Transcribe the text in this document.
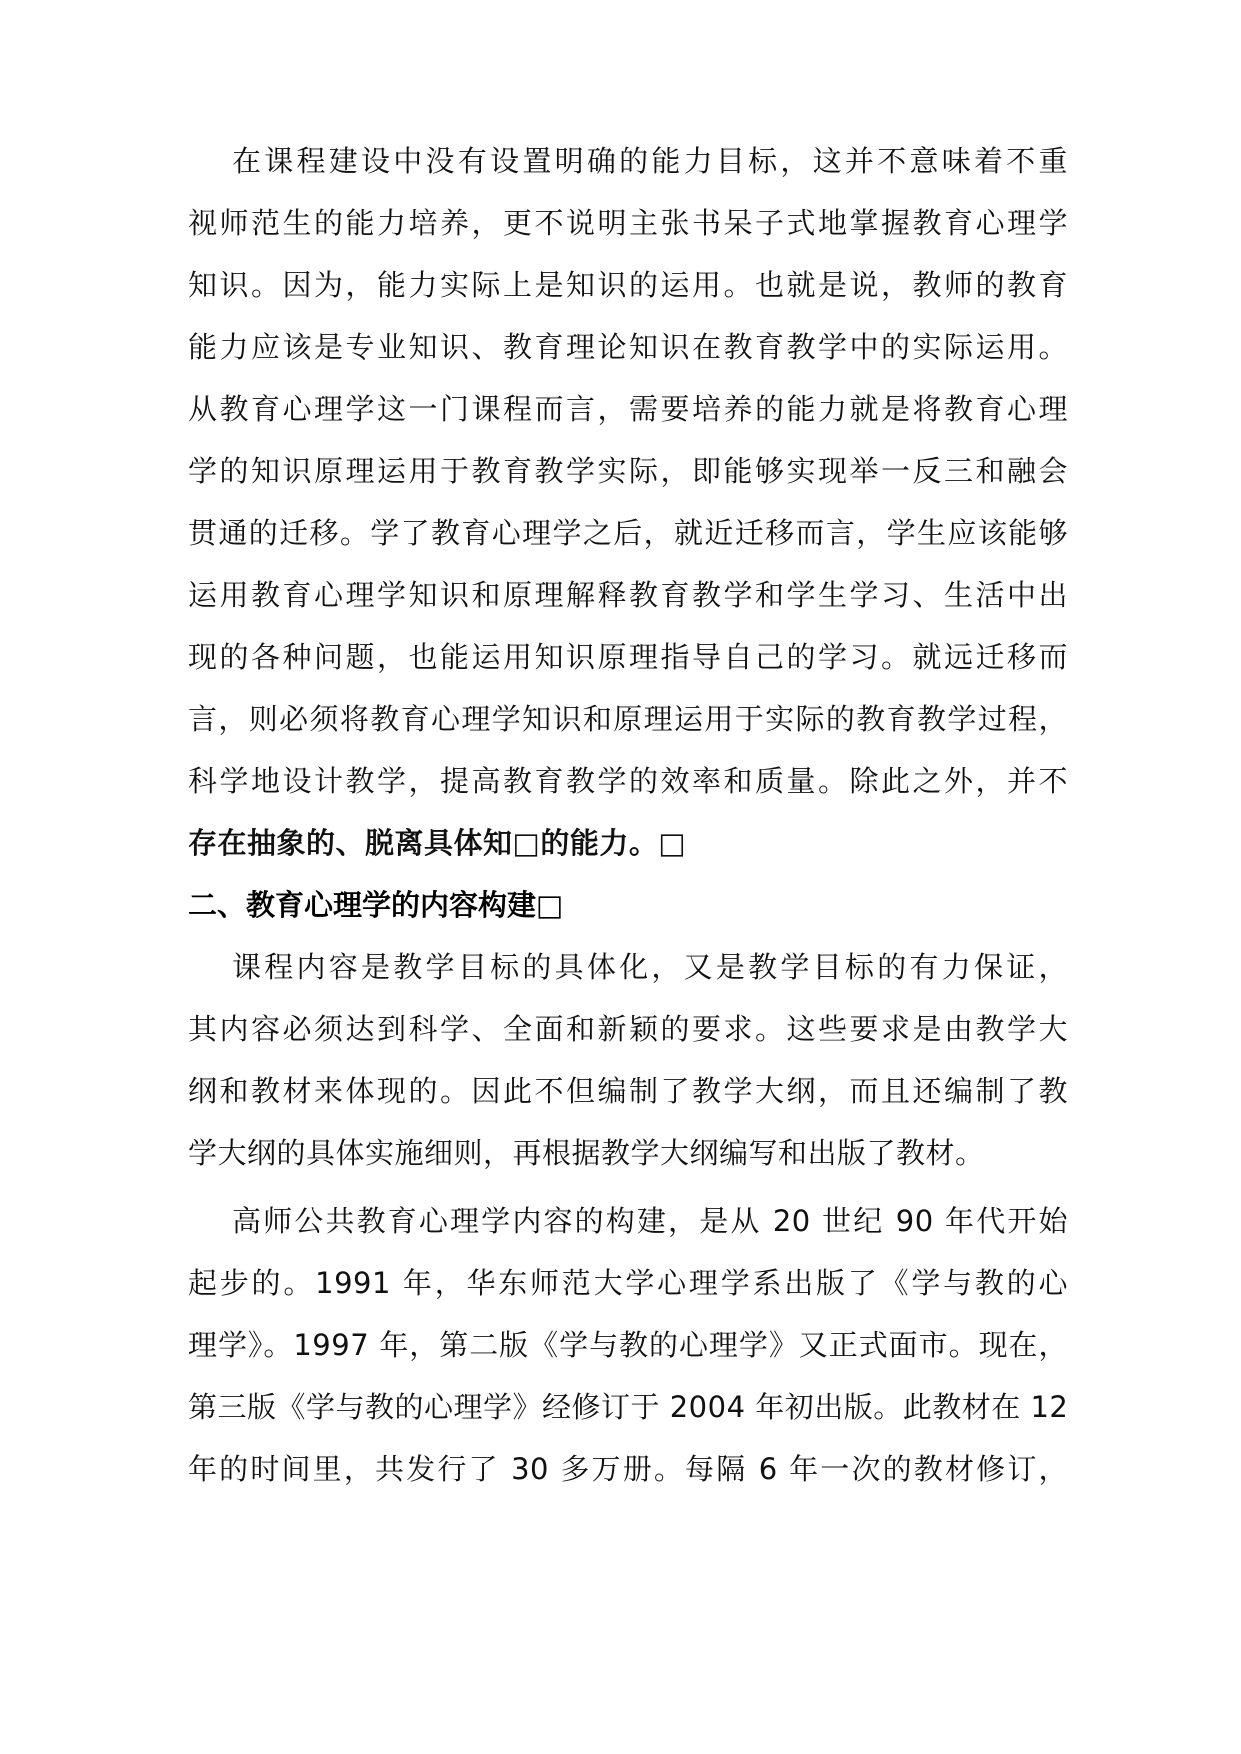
在课程建设中没有设置明确的能力目标，这并不意味着不重
视师范生的能力培养，更不说明主张书呆子式地掌握教育心理学
知识。因为，能力实际上是知识的运用。也就是说，教师的教育
能力应该是专业知识、教育理论知识在教育教学中的实际运用。
从教育心理学这一门课程而言，需要培养的能力就是将教育心理
学的知识原理运用于教育教学实际，即能够实现举一反三和融会
贯通的迁移。学了教育心理学之后，就近迁移而言，学生应该能够
运用教育心理学知识和原理解释教育教学和学生学习、生活中出
现的各种问题，也能运用知识原理指导自己的学习。就远迁移而
言，则必须将教育心理学知识和原理运用于实际的教育教学过程，
科学地设计教学，提高教育教学的效率和质量。除此之外，并不
存在抽象的、脱离具体知□的能力。□
二、教育心理学的内容构建□
课程内容是教学目标的具体化，又是教学目标的有力保证，
其内容必须达到科学、全面和新颖的要求。这些要求是由教学大
纲和教材来体现的。因此不但编制了教学大纲，而且还编制了教
学大纲的具体实施细则，再根据教学大纲编写和出版了教材。
高师公共教育心理学内容的构建，是从 20 世纪 90 年代开始
起步的。1991 年，华东师范大学心理学系出版了《学与教的心
理学》。1997 年，第二版《学与教的心理学》又正式面市。现在，
第三版《学与教的心理学》经修订于 2004 年初出版。此教材在 12
年的时间里，共发行了 30 多万册。每隔 6 年一次的教材修订，
